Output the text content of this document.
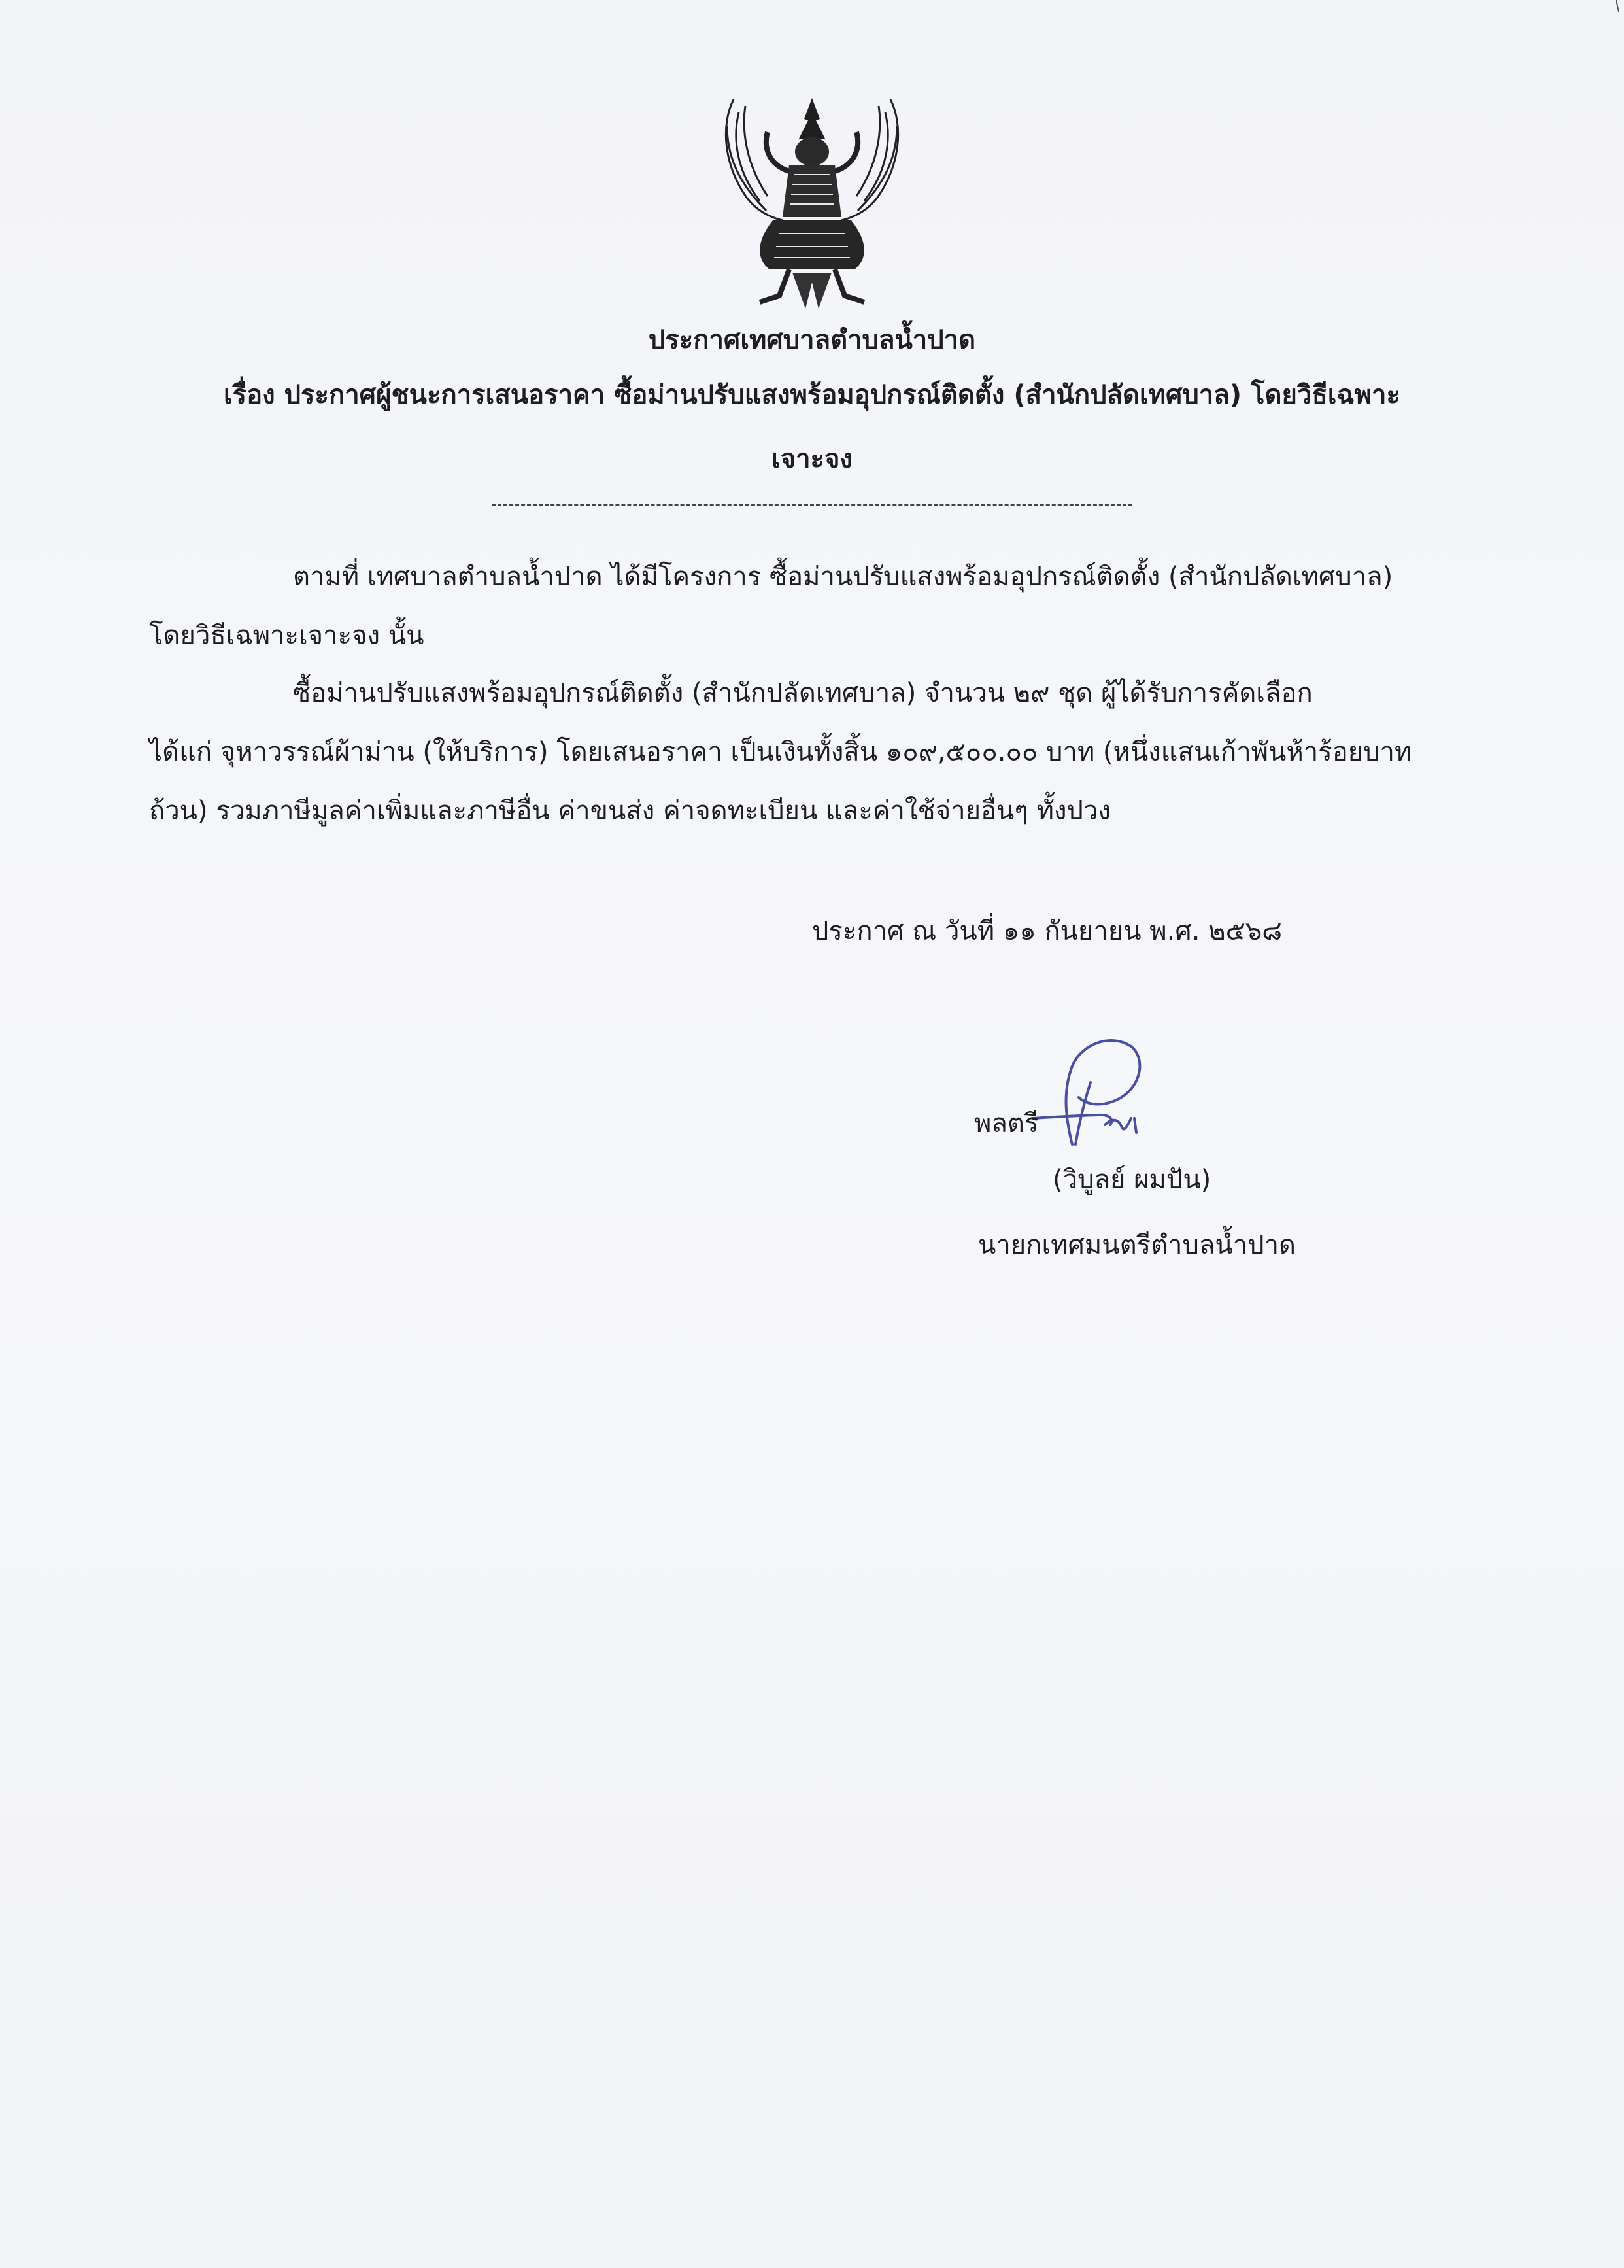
ประกาศเทศบาลตำบลน้ำปาด
เรื่อง ประกาศผู้ชนะการเสนอราคา ซื้อม่านปรับแสงพร้อมอุปกรณ์ติดตั้ง (สำนักปลัดเทศบาล) โดยวิธีเฉพาะ
เจาะจง
ตามที่ เทศบาลตำบลน้ำปาด ได้มีโครงการ ซื้อม่านปรับแสงพร้อมอุปกรณ์ติดตั้ง (สำนักปลัดเทศบาล)
โดยวิธีเฉพาะเจาะจง นั้น
ซื้อม่านปรับแสงพร้อมอุปกรณ์ติดตั้ง (สำนักปลัดเทศบาล) จำนวน ๒๙ ชุด ผู้ได้รับการคัดเลือก
ได้แก่ จุหาวรรณ์ผ้าม่าน (ให้บริการ) โดยเสนอราคา เป็นเงินทั้งสิ้น ๑๐๙,๕๐๐.๐๐ บาท (หนึ่งแสนเก้าพันห้าร้อยบาท
ถ้วน) รวมภาษีมูลค่าเพิ่มและภาษีอื่น ค่าขนส่ง ค่าจดทะเบียน และค่าใช้จ่ายอื่นๆ ทั้งปวง
ประกาศ ณ วันที่ ๑๑ กันยายน พ.ศ. ๒๕๖๘
พลตรี
(วิบูลย์ ผมปัน)
นายกเทศมนตรีตำบลน้ำปาด
